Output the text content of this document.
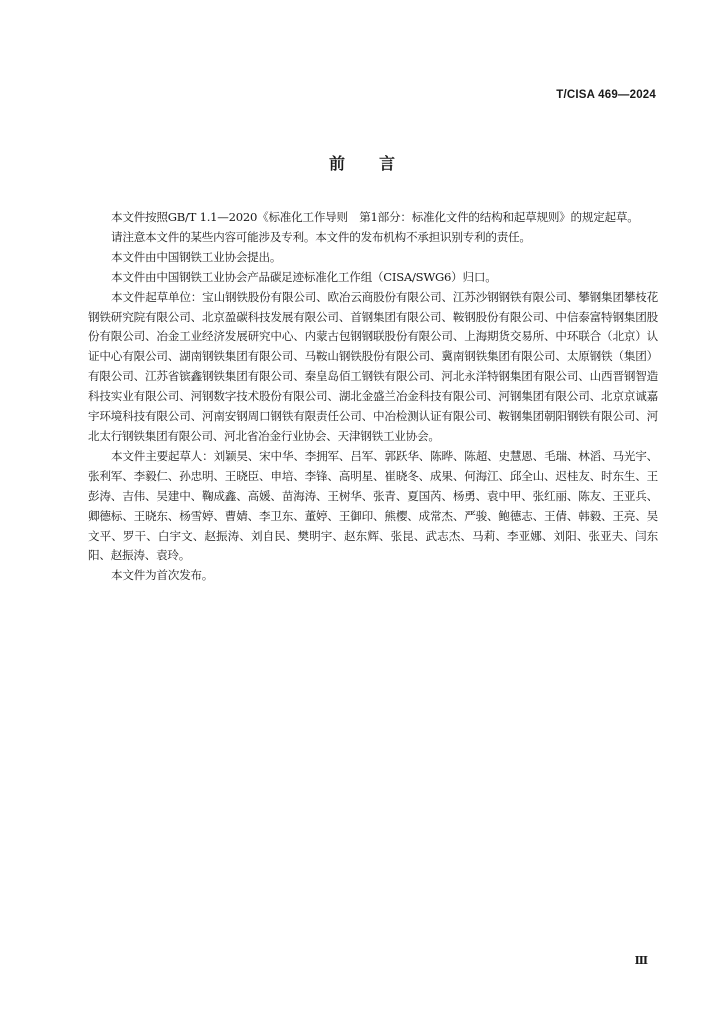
T/CISA 469—2024
前言

本文件按照GB/T 1.1—2020《标准化工作导则　第1部分：标准化文件的结构和起草规则》的规定起草。

请注意本文件的某些内容可能涉及专利。本文件的发布机构不承担识别专利的责任。

本文件由中国钢铁工业协会提出。

本文件由中国钢铁工业协会产品碳足迹标准化工作组（CISA/SWG6）归口。

本文件起草单位：宝山钢铁股份有限公司、欧冶云商股份有限公司、江苏沙钢钢铁有限公司、攀钢集团攀枝花钢铁研究院有限公司、北京盈碳科技发展有限公司、首钢集团有限公司、鞍钢股份有限公司、中信泰富特钢集团股份有限公司、冶金工业经济发展研究中心、内蒙古包钢钢联股份有限公司、上海期货交易所、中环联合（北京）认证中心有限公司、湖南钢铁集团有限公司、马鞍山钢铁股份有限公司、冀南钢铁集团有限公司、太原钢铁（集团）有限公司、江苏省镔鑫钢铁集团有限公司、秦皇岛佰工钢铁有限公司、河北永洋特钢集团有限公司、山西晋钢智造科技实业有限公司、河钢数字技术股份有限公司、湖北金盛兰冶金科技有限公司、河钢集团有限公司、北京京诚嘉宇环境科技有限公司、河南安钢周口钢铁有限责任公司、中冶检测认证有限公司、鞍钢集团朝阳钢铁有限公司、河北太行钢铁集团有限公司、河北省冶金行业协会、天津钢铁工业协会。

本文件主要起草人：刘颖昊、宋中华、李拥军、吕军、郭跃华、陈晔、陈超、史慧恩、毛瑞、林滔、马光宇、张利军、李毅仁、孙忠明、王晓臣、申培、李锋、高明星、崔晓冬、成果、何海江、邱全山、迟桂友、时东生、王彭涛、吉伟、吴建中、鞠成鑫、高媛、苗海涛、王树华、张青、夏国芮、杨勇、袁中甲、张红丽、陈友、王亚兵、卿德标、王晓东、杨雪婷、曹婧、李卫东、董婷、王御印、熊樱、成常杰、严骏、鲍德志、王倩、韩毅、王亮、吴文平、罗干、白宇文、赵振涛、刘自民、樊明宇、赵东辉、张昆、武志杰、马莉、李亚娜、刘阳、张亚夫、闫东阳、赵振涛、袁玲。

本文件为首次发布。

Ⅲ
